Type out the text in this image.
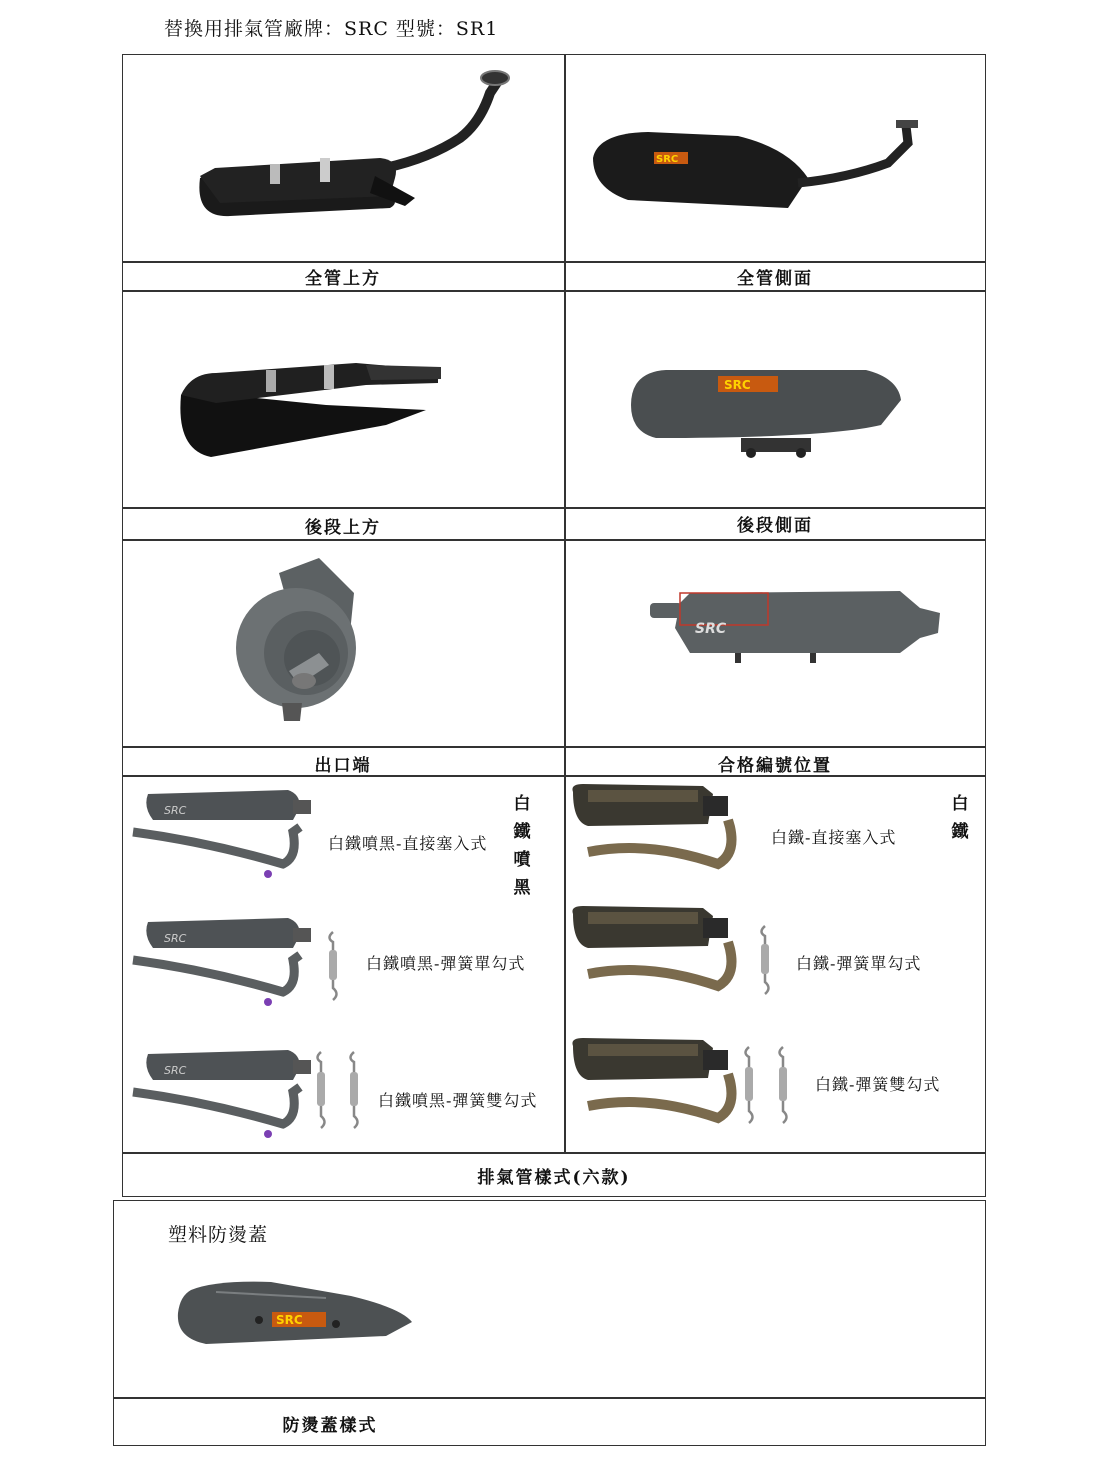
替換用排氣管廠牌：SRC 型號：SR1
SRC
全管上方	全管側面
SRC
後段上方	後段側面
SRC
出口端	合格編號位置
SRC
白鐵噴黑-直接塞入式
SRC
白鐵噴黑-彈簧單勾式
SRC
白鐵噴黑-彈簧雙勾式
白
鐵
噴
黑
白鐵-直接塞入式
白鐵-彈簧單勾式
白鐵-彈簧雙勾式
白
鐵
排氣管樣式(六款)
塑料防燙蓋
SRC
防燙蓋樣式
